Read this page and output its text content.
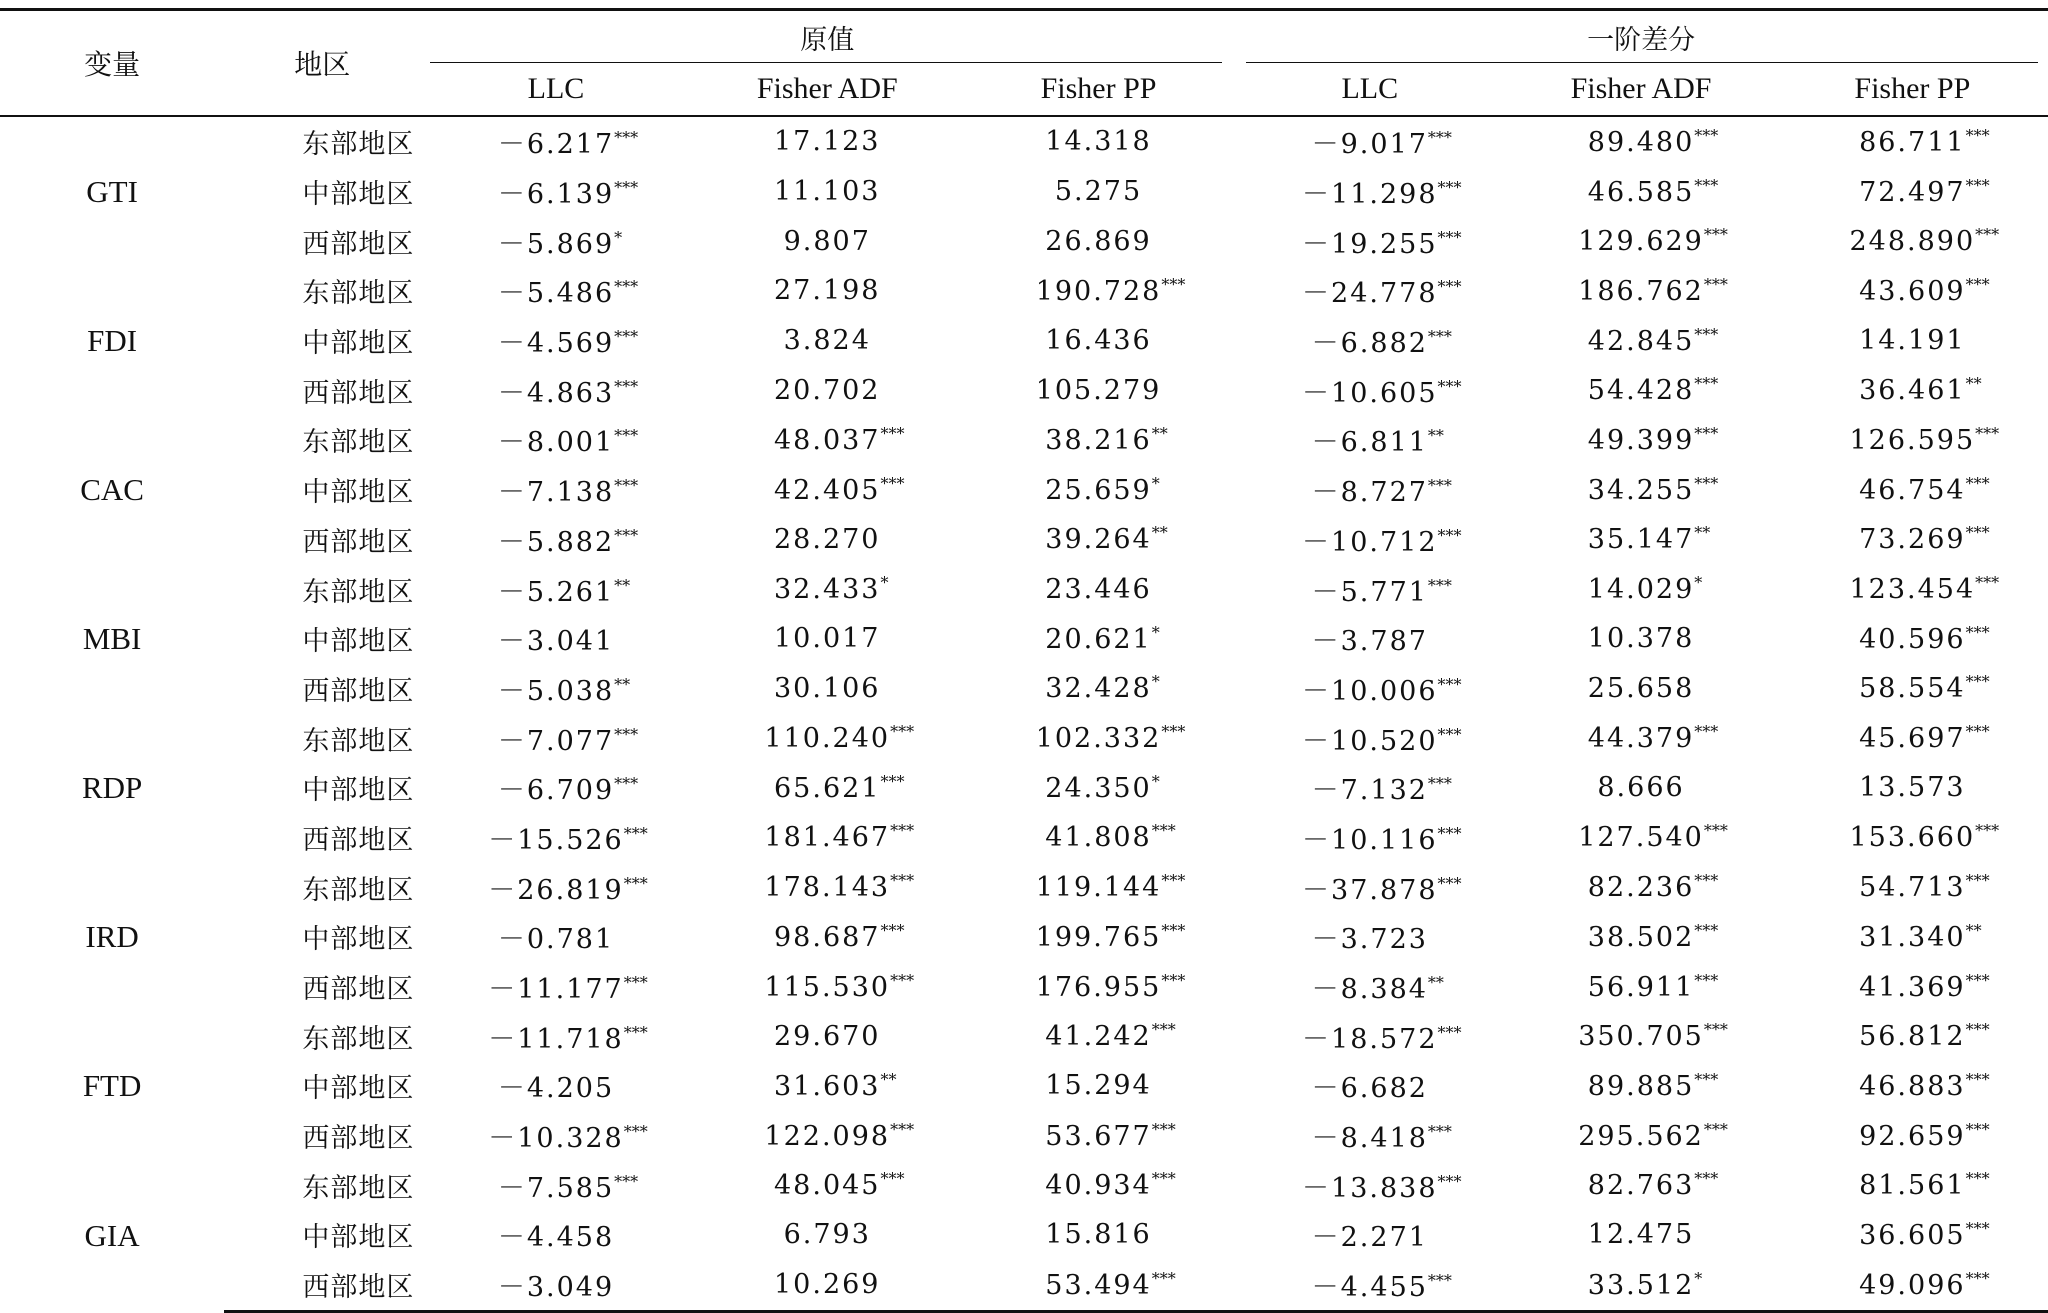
变量	地区	原值			一阶差分		
		LLC	Fisher ADF	Fisher PP	LLC	Fisher ADF	Fisher PP
GTI	东部地区	－6.217***	17.123	14.318	－9.017***	89.480***	86.711***
	中部地区	－6.139***	11.103	5.275	－11.298***	46.585***	72.497***
	西部地区	－5.869*	9.807	26.869	－19.255***	129.629***	248.890***
FDI	东部地区	－5.486***	27.198	190.728***	－24.778***	186.762***	43.609***
	中部地区	－4.569***	3.824	16.436	－6.882***	42.845***	14.191
	西部地区	－4.863***	20.702	105.279	－10.605***	54.428***	36.461**
CAC	东部地区	－8.001***	48.037***	38.216**	－6.811**	49.399***	126.595***
	中部地区	－7.138***	42.405***	25.659*	－8.727***	34.255***	46.754***
	西部地区	－5.882***	28.270	39.264**	－10.712***	35.147**	73.269***
MBI	东部地区	－5.261**	32.433*	23.446	－5.771***	14.029*	123.454***
	中部地区	－3.041	10.017	20.621*	－3.787	10.378	40.596***
	西部地区	－5.038**	30.106	32.428*	－10.006***	25.658	58.554***
RDP	东部地区	－7.077***	110.240***	102.332***	－10.520***	44.379***	45.697***
	中部地区	－6.709***	65.621***	24.350*	－7.132***	8.666	13.573
	西部地区	－15.526***	181.467***	41.808***	－10.116***	127.540***	153.660***
IRD	东部地区	－26.819***	178.143***	119.144***	－37.878***	82.236***	54.713***
	中部地区	－0.781	98.687***	199.765***	－3.723	38.502***	31.340**
	西部地区	－11.177***	115.530***	176.955***	－8.384**	56.911***	41.369***
FTD	东部地区	－11.718***	29.670	41.242***	－18.572***	350.705***	56.812***
	中部地区	－4.205	31.603**	15.294	－6.682	89.885***	46.883***
	西部地区	－10.328***	122.098***	53.677***	－8.418***	295.562***	92.659***
GIA	东部地区	－7.585***	48.045***	40.934***	－13.838***	82.763***	81.561***
	中部地区	－4.458	6.793	15.816	－2.271	12.475	36.605***
	西部地区	－3.049	10.269	53.494***	－4.455***	33.512*	49.096***
